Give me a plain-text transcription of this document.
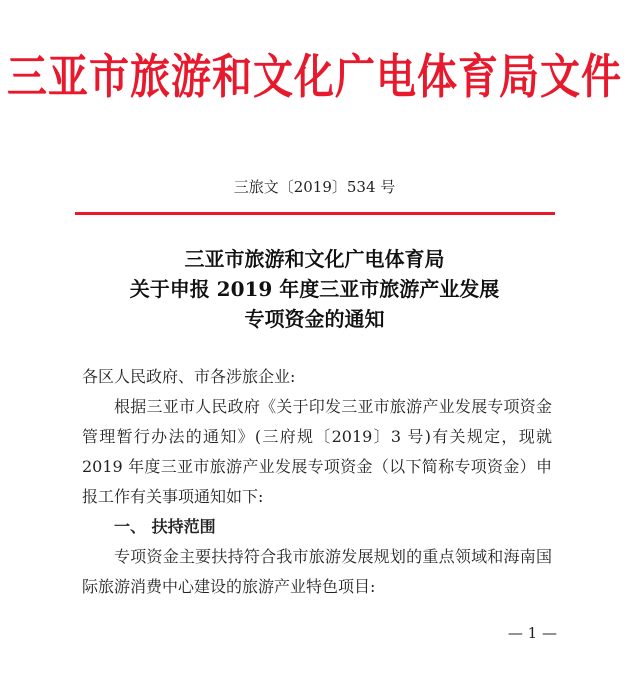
三亚市旅游和文化广电体育局文件
三旅文〔2019〕534 号
三亚市旅游和文化广电体育局
关于申报 2019 年度三亚市旅游产业发展
专项资金的通知

各区人民政府、市各涉旅企业:

根据三亚市人民政府《关于印发三亚市旅游产业发展专项资金管理暂行办法的通知》(三府规〔2019〕3 号)有关规定，现就 2019 年度三亚市旅游产业发展专项资金（以下简称专项资金）申报工作有关事项通知如下:

一、 扶持范围

专项资金主要扶持符合我市旅游发展规划的重点领域和海南国际旅游消费中心建设的旅游产业特色项目:

— 1 —
